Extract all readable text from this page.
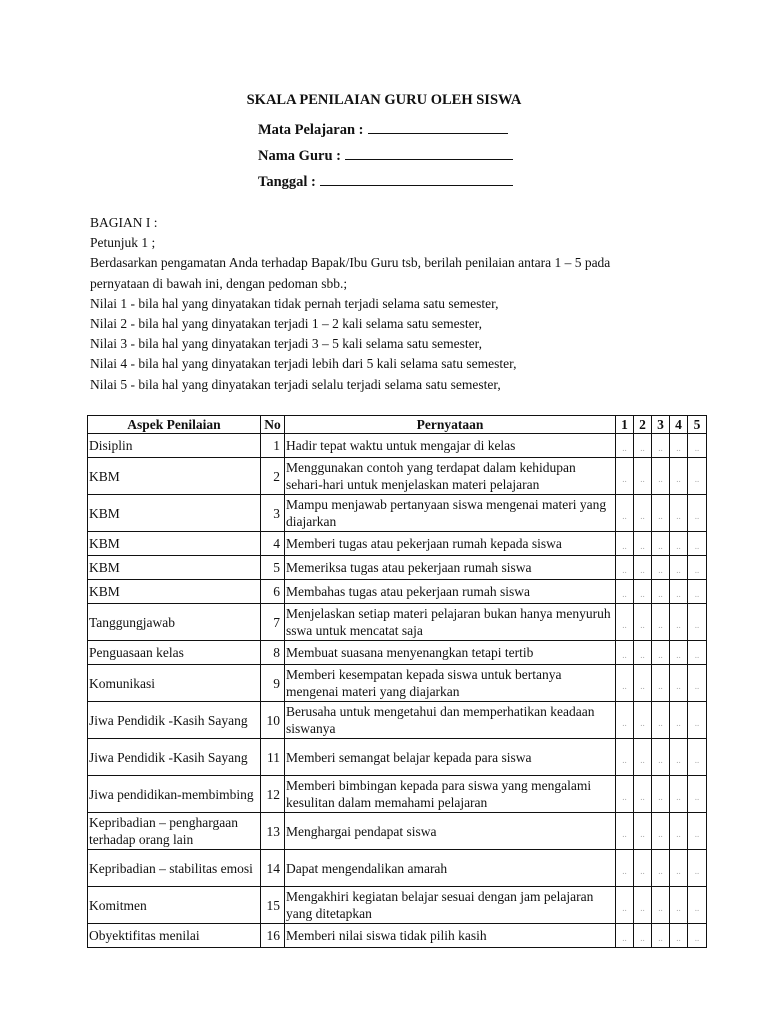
SKALA PENILAIAN GURU OLEH SISWA
Mata Pelajaran :
Nama Guru :
Tanggal :
BAGIAN I :
Petunjuk 1 ;
Berdasarkan pengamatan Anda terhadap Bapak/Ibu Guru tsb, berilah penilaian antara 1 – 5 pada
pernyataan di bawah ini, dengan pedoman sbb.;
Nilai 1 - bila hal yang dinyatakan tidak pernah terjadi selama satu semester,
Nilai 2 - bila hal yang dinyatakan terjadi 1 – 2 kali selama satu semester,
Nilai 3 - bila hal yang dinyatakan terjadi 3 – 5 kali selama satu semester,
Nilai 4 - bila hal yang dinyatakan terjadi lebih dari 5 kali selama satu semester,
Nilai 5 - bila hal yang dinyatakan terjadi selalu terjadi selama satu semester,
Aspek Penilaian	No	Pernyataan	1	2	3	4	5
Disiplin	1	Hadir tepat waktu untuk mengajar di kelas	..	..	..	..	..
KBM	2	Menggunakan contoh yang terdapat dalam kehidupan sehari-hari untuk menjelaskan materi pelajaran	..	..	..	..	..
KBM	3	Mampu menjawab pertanyaan siswa mengenai materi yang diajarkan	..	..	..	..	..
KBM	4	Memberi tugas atau pekerjaan rumah kepada siswa	..	..	..	..	..
KBM	5	Memeriksa tugas atau pekerjaan rumah siswa	..	..	..	..	..
KBM	6	Membahas tugas atau pekerjaan rumah siswa	..	..	..	..	..
Tanggungjawab	7	Menjelaskan setiap materi pelajaran bukan hanya menyuruh sswa untuk mencatat saja	..	..	..	..	..
Penguasaan kelas	8	Membuat suasana menyenangkan tetapi tertib	..	..	..	..	..
Komunikasi	9	Memberi kesempatan kepada siswa untuk bertanya mengenai materi yang diajarkan	..	..	..	..	..
Jiwa Pendidik -Kasih Sayang	10	Berusaha untuk mengetahui dan memperhatikan keadaan siswanya	..	..	..	..	..
Jiwa Pendidik -Kasih Sayang	11	Memberi semangat belajar kepada para siswa	..	..	..	..	..
Jiwa pendidikan-membimbing	12	Memberi bimbingan kepada para siswa yang mengalami kesulitan dalam memahami pelajaran	..	..	..	..	..
Kepribadian – penghargaan terhadap orang lain	13	Menghargai pendapat siswa	..	..	..	..	..
Kepribadian – stabilitas emosi	14	Dapat mengendalikan amarah	..	..	..	..	..
Komitmen	15	Mengakhiri kegiatan belajar sesuai dengan jam pelajaran yang ditetapkan	..	..	..	..	..
Obyektifitas menilai	16	Memberi nilai siswa tidak pilih kasih	..	..	..	..	..
